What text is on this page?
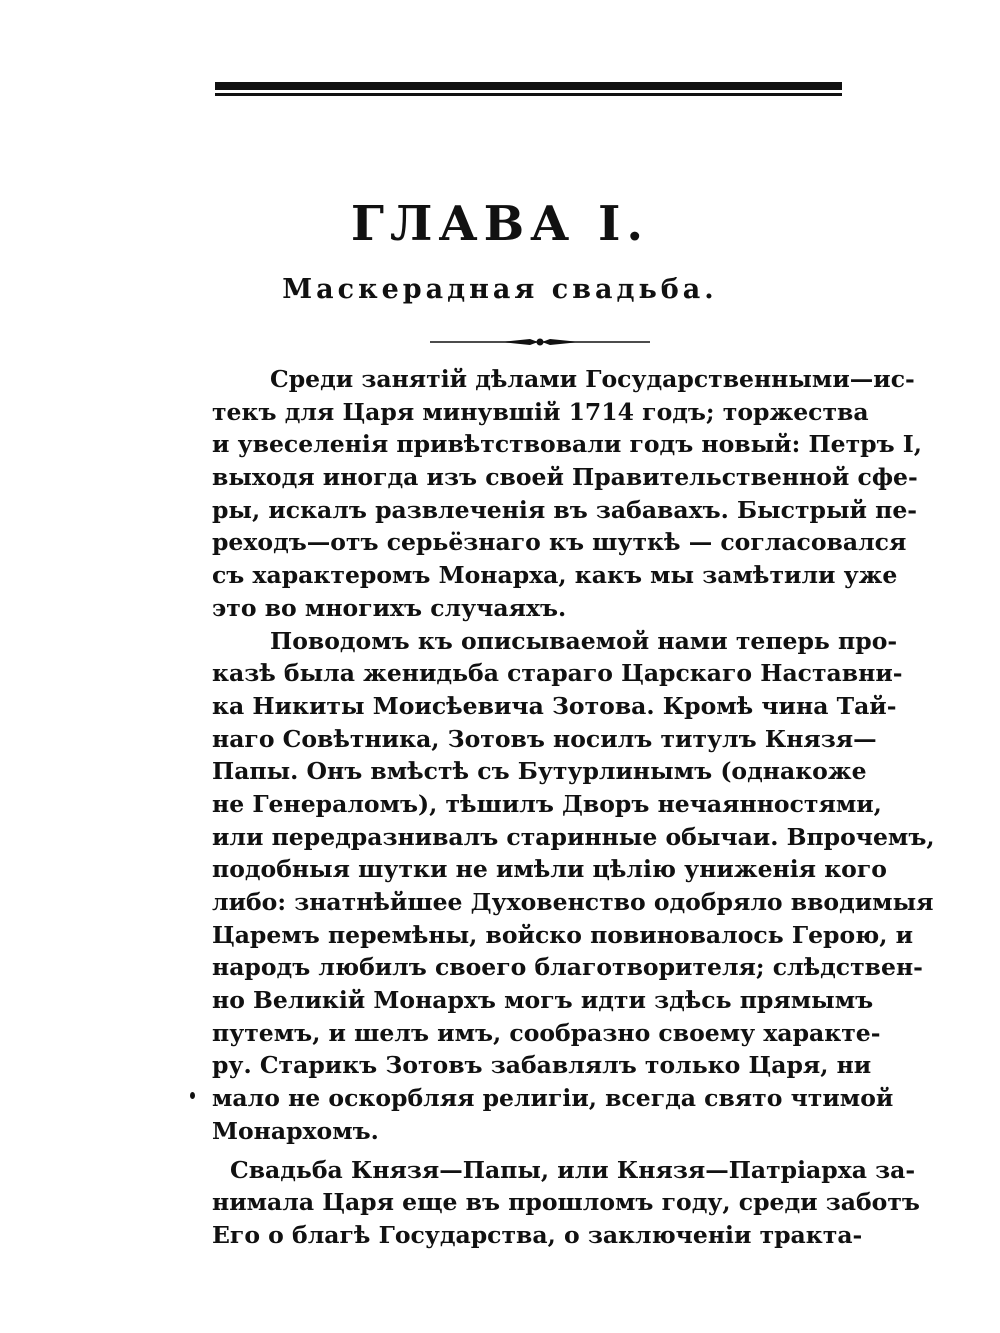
ГЛАВА I.
Маскерадная свадьба.
Среди занятій дѣлами Государственными—ис-
текъ для Царя минувшій 1714 годъ; торжества
и увеселенія привѣтствовали годъ новый: Петръ I,
выходя иногда изъ своей Правительственной сфе-
ры, искалъ развлеченія въ забавахъ. Быстрый пе-
реходъ—отъ серьёзнаго къ шуткѣ — согласовался
съ характеромъ Монарха, какъ мы замѣтили уже
это во многихъ случаяхъ.
Поводомъ къ описываемой нами теперь про-
казѣ была женидьба стараго Царскаго Наставни-
ка Никиты Моисѣевича Зотова. Кромѣ чина Тай-
наго Совѣтника, Зотовъ носилъ титулъ Князя—
Папы. Онъ вмѣстѣ съ Бутурлинымъ (однакоже
не Генераломъ), тѣшилъ Дворъ нечаянностями,
или передразнивалъ старинные обычаи. Впрочемъ,
подобныя шутки не имѣли цѣлію униженія кого
либо: знатнѣйшее Духовенство одобряло вводимыя
Царемъ перемѣны, войско повиновалось Герою, и
народъ любилъ своего благотворителя; слѣдствен-
но Великій Монархъ могъ идти здѣсь прямымъ
путемъ, и шелъ имъ, сообразно своему характе-
ру. Старикъ Зотовъ забавлялъ только Царя, ни
мало не оскорбляя религіи, всегда свято чтимой
Монархомъ.
Свадьба Князя—Папы, или Князя—Патріарха за-
нимала Царя еще въ прошломъ году, среди заботъ
Его о благѣ Государства, о заключеніи тракта-
